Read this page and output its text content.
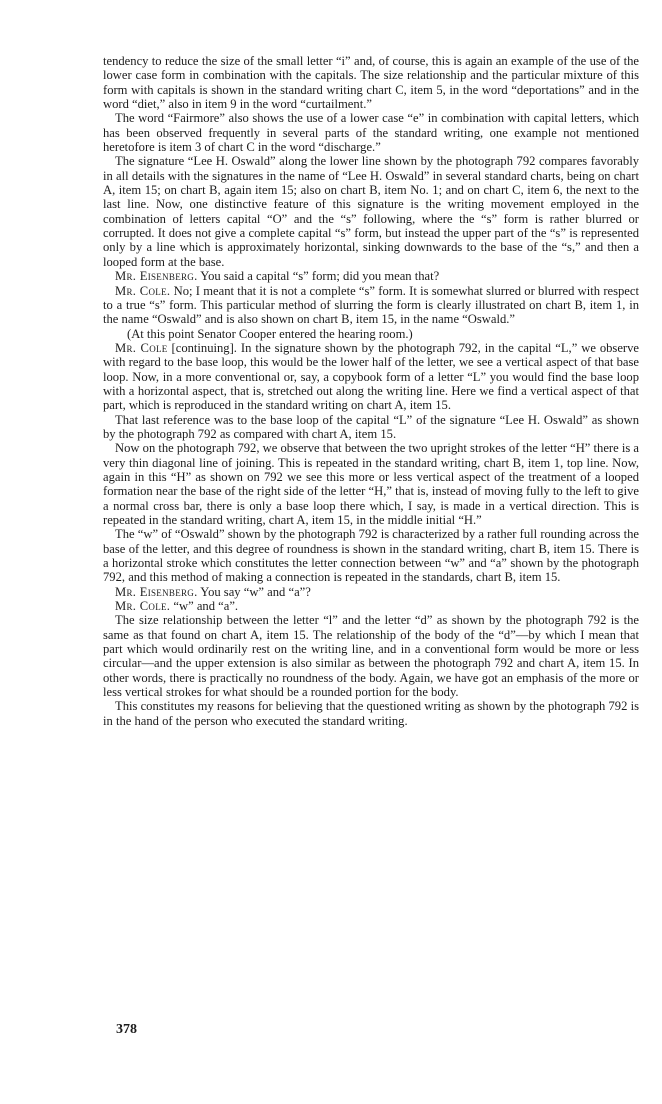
tendency to reduce the size of the small letter “i” and, of course, this is again an example of the use of the lower case form in combination with the capitals. The size relationship and the particular mixture of this form with capitals is shown in the standard writing chart C, item 5, in the word “deportations” and in the word “diet,” also in item 9 in the word “curtailment.”

The word “Fairmore” also shows the use of a lower case “e” in combination with capital letters, which has been observed frequently in several parts of the standard writing, one example not mentioned heretofore is item 3 of chart C in the word “discharge.”

The signature “Lee H. Oswald” along the lower line shown by the photograph 792 compares favorably in all details with the signatures in the name of “Lee H. Oswald” in several standard charts, being on chart A, item 15; on chart B, again item 15; also on chart B, item No. 1; and on chart C, item 6, the next to the last line. Now, one distinctive feature of this signature is the writing movement employed in the combination of letters capital “O” and the “s” following, where the “s” form is rather blurred or corrupted. It does not give a complete capital “s” form, but instead the upper part of the “s” is represented only by a line which is approximately horizontal, sinking downwards to the base of the “s,” and then a looped form at the base.

Mr. Eisenberg. You said a capital “s” form; did you mean that?

Mr. Cole. No; I meant that it is not a complete “s” form. It is somewhat slurred or blurred with respect to a true “s” form. This particular method of slurring the form is clearly illustrated on chart B, item 1, in the name “Oswald” and is also shown on chart B, item 15, in the name “Oswald.”

(At this point Senator Cooper entered the hearing room.)

Mr. Cole [continuing]. In the signature shown by the photograph 792, in the capital “L,” we observe with regard to the base loop, this would be the lower half of the letter, we see a vertical aspect of that base loop. Now, in a more conventional or, say, a copybook form of a letter “L” you would find the base loop with a horizontal aspect, that is, stretched out along the writing line. Here we find a vertical aspect of that part, which is reproduced in the standard writing on chart A, item 15.

That last reference was to the base loop of the capital “L” of the signature “Lee H. Oswald” as shown by the photograph 792 as compared with chart A, item 15.

Now on the photograph 792, we observe that between the two upright strokes of the letter “H” there is a very thin diagonal line of joining. This is repeated in the standard writing, chart B, item 1, top line. Now, again in this “H” as shown on 792 we see this more or less vertical aspect of the treatment of a looped formation near the base of the right side of the letter “H,” that is, instead of moving fully to the left to give a normal cross bar, there is only a base loop there which, I say, is made in a vertical direction. This is repeated in the standard writing, chart A, item 15, in the middle initial “H.”

The “w” of “Oswald” shown by the photograph 792 is characterized by a rather full rounding across the base of the letter, and this degree of roundness is shown in the standard writing, chart B, item 15. There is a horizontal stroke which constitutes the letter connection between “w” and “a” shown by the photograph 792, and this method of making a connection is repeated in the standards, chart B, item 15.

Mr. Eisenberg. You say “w” and “a”?

Mr. Cole. “w” and “a”.

The size relationship between the letter “l” and the letter “d” as shown by the photograph 792 is the same as that found on chart A, item 15. The relationship of the body of the “d”—by which I mean that part which would ordinarily rest on the writing line, and in a conventional form would be more or less circular—and the upper extension is also similar as between the photograph 792 and chart A, item 15. In other words, there is practically no roundness of the body. Again, we have got an emphasis of the more or less vertical strokes for what should be a rounded portion for the body.

This constitutes my reasons for believing that the questioned writing as shown by the photograph 792 is in the hand of the person who executed the standard writing.

378
